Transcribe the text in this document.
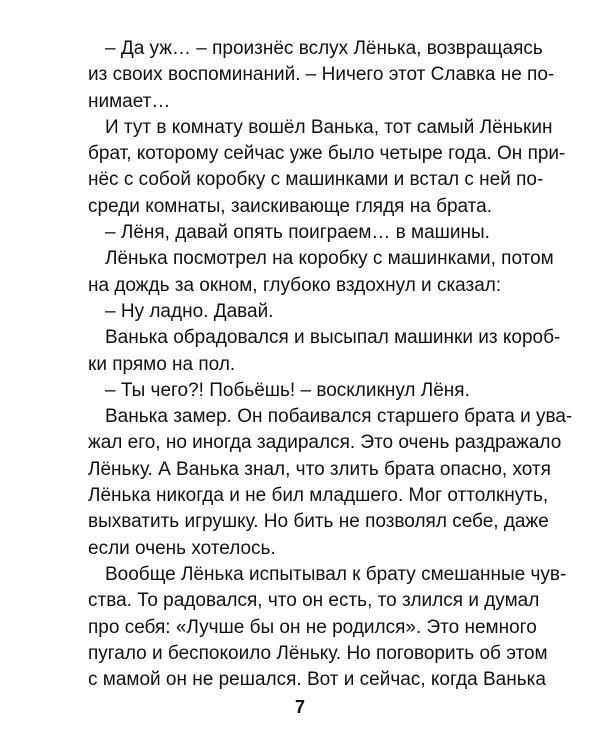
– Да уж… – произнёс вслух Лёнька, возвращаясь
из своих воспоминаний. – Ничего этот Славка не по-
нимает…
И тут в комнату вошёл Ванька, тот самый Лёнькин
брат, которому сейчас уже было четыре года. Он при-
нёс с собой коробку с машинками и встал с ней по-
среди комнаты, заискивающе глядя на брата.
– Лёня, давай опять поиграем… в машины.
Лёнька посмотрел на коробку с машинками, потом
на дождь за окном, глубоко вздохнул и сказал:
– Ну ладно. Давай.
Ванька обрадовался и высыпал машинки из короб-
ки прямо на пол.
– Ты чего?! Побьёшь! – воскликнул Лёня.
Ванька замер. Он побаивался старшего брата и ува-
жал его, но иногда задирался. Это очень раздражало
Лёньку. А Ванька знал, что злить брата опасно, хотя
Лёнька никогда и не бил младшего. Мог оттолкнуть,
выхватить игрушку. Но бить не позволял себе, даже
если очень хотелось.
Вообще Лёнька испытывал к брату смешанные чув-
ства. То радовался, что он есть, то злился и думал
про себя: «Лучше бы он не родился». Это немного
пугало и беспокоило Лёньку. Но поговорить об этом
с мамой он не решался. Вот и сейчас, когда Ванька
7
